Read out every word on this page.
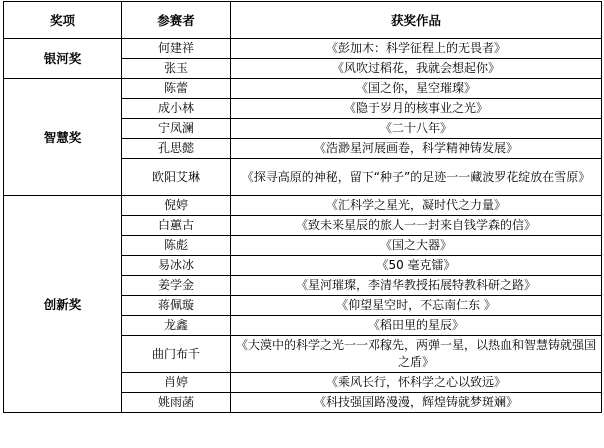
奖项	参赛者	获奖作品
银河奖	何建祥	《彭加木：科学征程上的无畏者》
	张玉	《风吹过稻花，我就会想起你》
智慧奖	陈蕾	《国之你，星空璀璨》
	成小林	《隐于岁月的核事业之光》
	宁凤澜	《二十八年》
	孔思懿	《浩渺星河展画卷，科学精神铸发展》
	欧阳艾琳	《探寻高原的神秘，留下“种子”的足迹一一藏波罗花绽放在雪原》
创新奖	倪婷	《汇科学之星光，凝时代之力量》
	白蕙古	《致未来星辰的旅人一一封来自钱学森的信》
	陈彪	《国之大器》
	易冰冰	《50 毫克镭》
	姜学金	《星河璀璨，李清华教授拓展特教科研之路》
	蒋佩璇	《仰望星空时，不忘南仁东 》
	龙鑫	《稻田里的星辰》
	曲门布千	《大漠中的科学之光一一邓稼先，两弹一星，以热血和智慧铸就强国之盾》
	肖婷	《乘风长行，怀科学之心以致远》
	姚雨菡	《科技强国路漫漫，辉煌铸就梦斑斓》
